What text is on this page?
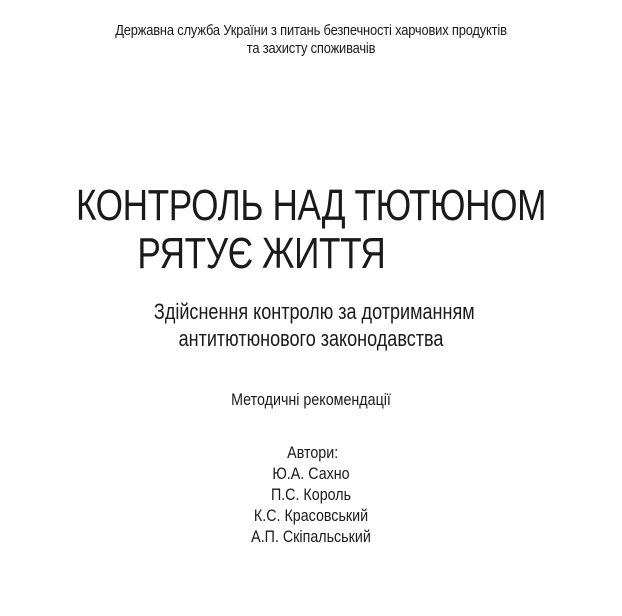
Державна служба України з питань безпечності харчових продуктів
та захисту споживачів
КОНТРОЛЬ НАД ТЮТЮНОМ
РЯТУЄ ЖИТТЯ
Здійснення контролю за дотриманням
антитютюнового законодавства
Методичні рекомендації
Автори:
Ю.А. Сахно
П.С. Король
К.С. Красовський
А.П. Скіпальський
